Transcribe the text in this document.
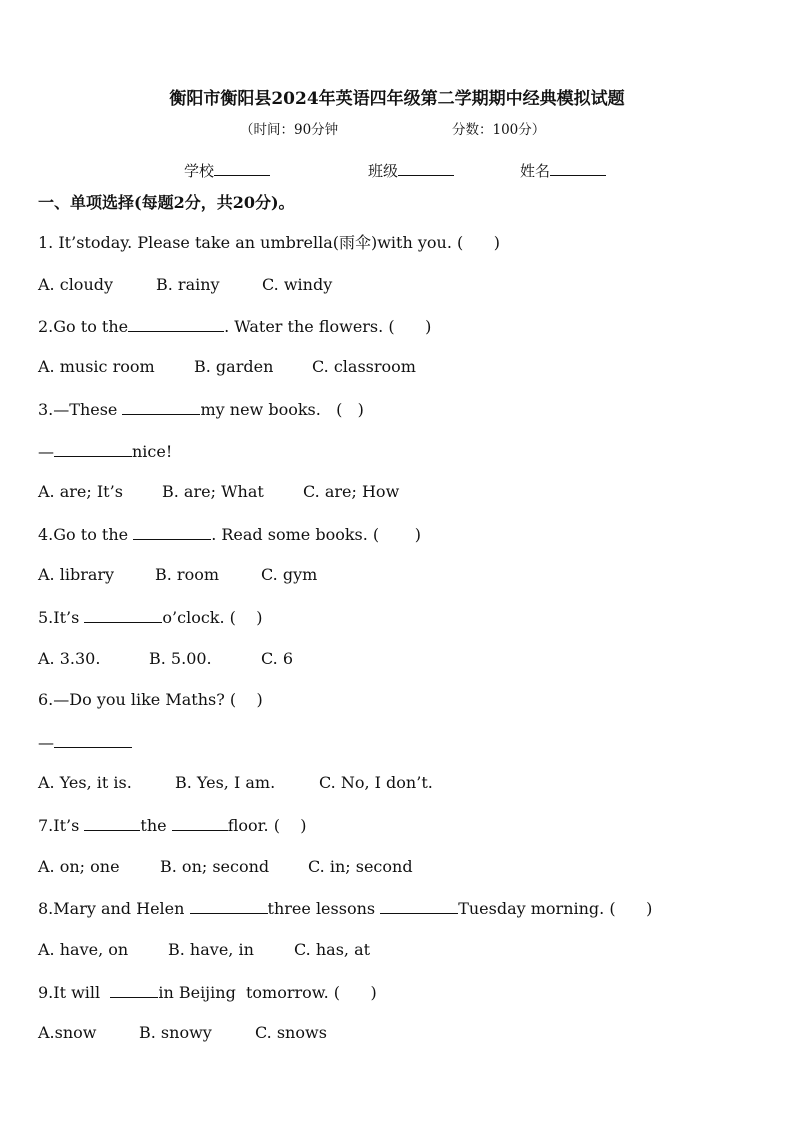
衡阳市衡阳县2024年英语四年级第二学期期中经典模拟试题
（时间：90分钟	分数：100分）
学校	班级	姓名
一、单项选择(每题2分，共20分)。
1. It’stoday. Please take an umbrella(雨伞)with you. (      )
A. cloudy	B. rainy	C. windy
2.Go to the	. Water the flowers. (      )
A. music room B. garden C. classroom
3.—These	my new books.   (   )
—	nice!
A. are; It’s B. are; What C. are; How
4.Go to the	. Read some books. (       )
A. library	B. room	C. gym
5.It’s	o’clock. (    )
A. 3.30.	B. 5.00.	C. 6
6.—Do you like Maths? (    )
—
A. Yes, it is.	B. Yes, I am.	C. No, I don’t.
7.It’s	the	floor. (    )
A. on; one	B. on; second C. in; second
8.Mary and Helen	three lessons	Tuesday morning. (      )
A. have, on B. have, in	C. has, at
9.It will	in Beijing  tomorrow. (      )
A.snow	B. snowy	C. snows
